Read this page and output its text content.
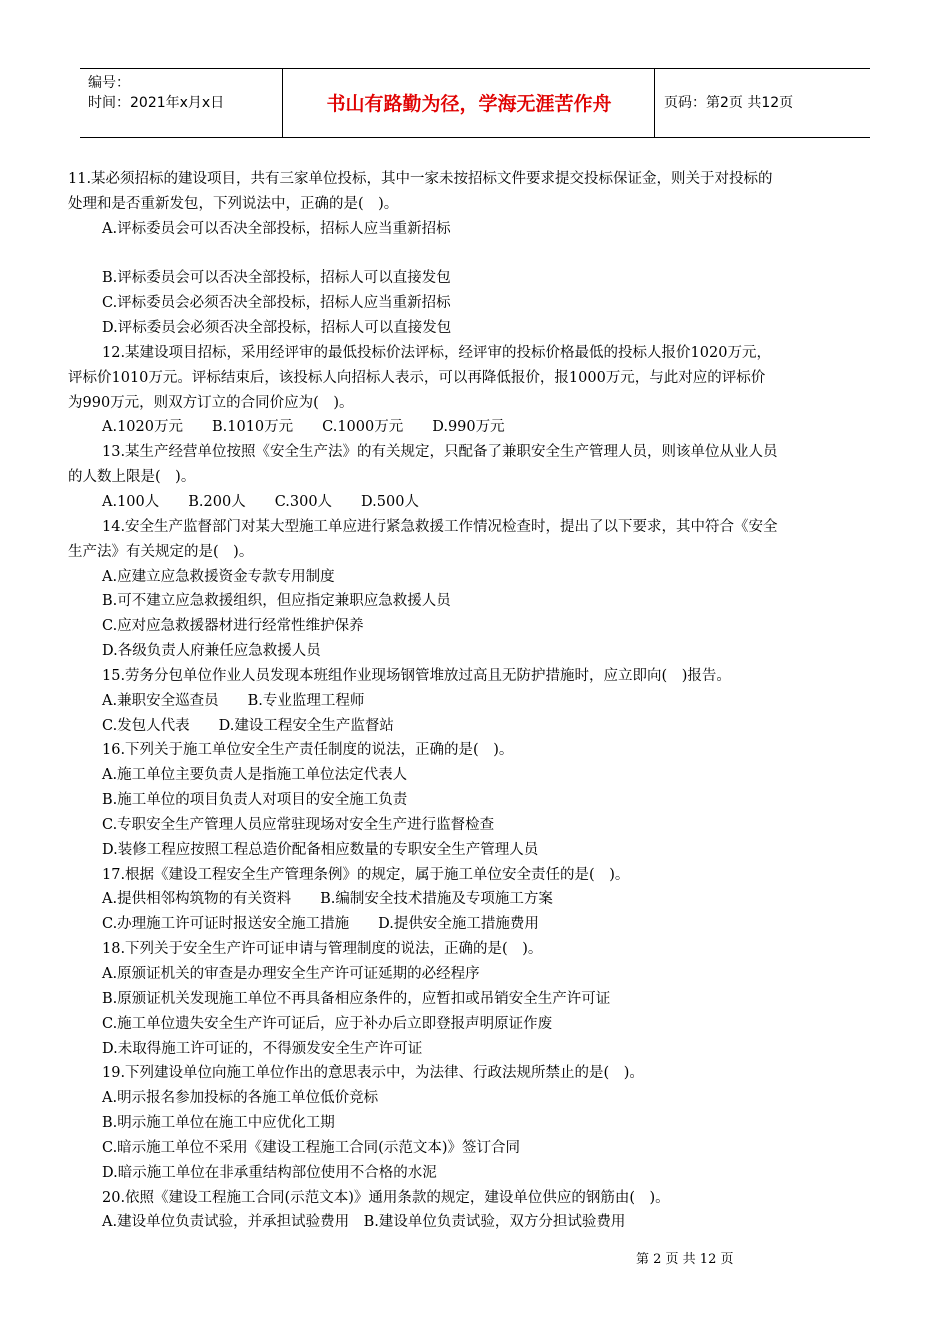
编号：
时间：2021年x月x日	书山有路勤为径，学海无涯苦作舟	页码：第2页 共12页
11.某必须招标的建设项目，共有三家单位投标，其中一家未按招标文件要求提交投标保证金，则关于对投标的
处理和是否重新发包，下列说法中，正确的是(　)。
A.评标委员会可以否决全部投标，招标人应当重新招标
B.评标委员会可以否决全部投标，招标人可以直接发包
C.评标委员会必须否决全部投标，招标人应当重新招标
D.评标委员会必须否决全部投标，招标人可以直接发包
12.某建设项目招标，采用经评审的最低投标价法评标，经评审的投标价格最低的投标人报价1020万元，
评标价1010万元。评标结束后，该投标人向招标人表示，可以再降低报价，报1000万元，与此对应的评标价
为990万元，则双方订立的合同价应为(　)。
A.1020万元　　B.1010万元　　C.1000万元　　D.990万元
13.某生产经营单位按照《安全生产法》的有关规定，只配备了兼职安全生产管理人员，则该单位从业人员
的人数上限是(　)。
A.100人　　B.200人　　C.300人　　D.500人
14.安全生产监督部门对某大型施工单应进行紧急救援工作情况检查时，提出了以下要求，其中符合《安全
生产法》有关规定的是(　)。
A.应建立应急救援资金专款专用制度
B.可不建立应急救援组织，但应指定兼职应急救援人员
C.应对应急救援器材进行经常性维护保养
D.各级负责人府兼任应急救援人员
15.劳务分包单位作业人员发现本班组作业现场钢管堆放过高且无防护措施时，应立即向(　)报告。
A.兼职安全巡查员　　B.专业监理工程师
C.发包人代表　　D.建设工程安全生产监督站
16.下列关于施工单位安全生产责任制度的说法，正确的是(　)。
A.施工单位主要负责人是指施工单位法定代表人
B.施工单位的项目负责人对项目的安全施工负责
C.专职安全生产管理人员应常驻现场对安全生产进行监督检查
D.装修工程应按照工程总造价配备相应数量的专职安全生产管理人员
17.根据《建设工程安全生产管理条例》的规定，属于施工单位安全责任的是(　)。
A.提供相邻构筑物的有关资料　　B.编制安全技术措施及专项施工方案
C.办理施工许可证时报送安全施工措施　　D.提供安全施工措施费用
18.下列关于安全生产许可证申请与管理制度的说法，正确的是(　)。
A.原颁证机关的审查是办理安全生产许可证延期的必经程序
B.原颁证机关发现施工单位不再具备相应条件的，应暂扣或吊销安全生产许可证
C.施工单位遗失安全生产许可证后，应于补办后立即登报声明原证作废
D.未取得施工许可证的，不得颁发安全生产许可证
19.下列建设单位向施工单位作出的意思表示中，为法律、行政法规所禁止的是(　)。
A.明示报名参加投标的各施工单位低价竞标
B.明示施工单位在施工中应优化工期
C.暗示施工单位不采用《建设工程施工合同(示范文本)》签订合同
D.暗示施工单位在非承重结构部位使用不合格的水泥
20.依照《建设工程施工合同(示范文本)》通用条款的规定，建设单位供应的钢筋由(　)。
A.建设单位负责试验，并承担试验费用　B.建设单位负责试验，双方分担试验费用
第 2 页 共 12 页
